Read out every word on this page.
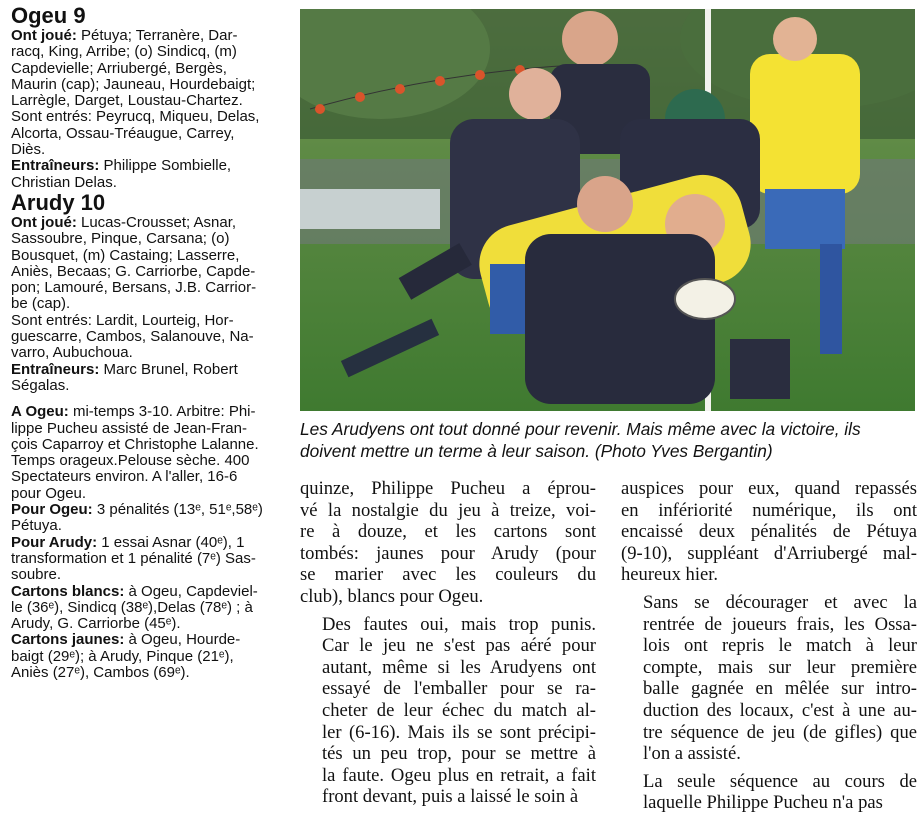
Ogeu 9

Ont joué: Pétuya; Terranère, Dar-

racq, King, Arribe; (o) Sindicq, (m)

Capdevielle; Arriubergé, Bergès,

Maurin (cap); Jauneau, Hourdebaigt;

Larrègle, Darget, Loustau-Chartez.

Sont entrés: Peyrucq, Miqueu, Delas,

Alcorta, Ossau-Tréaugue, Carrey,

Diès.

Entraîneurs: Philippe Sombielle,

Christian Delas.

Arudy 10

Ont joué: Lucas-Crousset; Asnar,

Sassoubre, Pinque, Carsana; (o)

Bousquet, (m) Castaing; Lasserre,

Aniès, Becaas; G. Carriorbe, Capde-

pon; Lamouré, Bersans, J.B. Carrior-

be (cap).

Sont entrés: Lardit, Lourteig, Hor-

guescarre, Cambos, Salanouve, Na-

varro, Aubuchoua.

Entraîneurs: Marc Brunel, Robert

Ségalas.

A Ogeu: mi-temps 3-10. Arbitre: Phi-

lippe Pucheu assisté de Jean-Fran-

çois Caparroy et Christophe Lalanne.

Temps orageux.Pelouse sèche. 400

Spectateurs environ. A l'aller, 16-6

pour Ogeu.

Pour Ogeu: 3 pénalités (13ᵉ, 51ᵉ,58ᵉ)

Pétuya.

Pour Arudy: 1 essai Asnar (40ᵉ), 1

transformation et 1 pénalité (7ᵉ) Sas-

soubre.

Cartons blancs: à Ogeu, Capdeviel-

le (36ᵉ), Sindicq (38ᵉ),Delas (78ᵉ) ; à

Arudy, G. Carriorbe (45ᵉ).

Cartons jaunes: à Ogeu, Hourde-

baigt (29ᵉ); à Arudy, Pinque (21ᵉ),

Aniès (27ᵉ), Cambos (69ᵉ).

Les Arudyens ont tout donné pour revenir. Mais même avec la victoire, ils
doivent mettre un terme à leur saison. (Photo Yves Bergantin)

quinze, Philippe Pucheu a éprou-
vé la nostalgie du jeu à treize, voi-
re à douze, et les cartons sont
tombés: jaunes pour Arudy (pour
se marier avec les couleurs du
club), blancs pour Ogeu.

Des fautes oui, mais trop punis.
Car le jeu ne s'est pas aéré pour
autant, même si les Arudyens ont
essayé de l'emballer pour se ra-
cheter de leur échec du match al-
ler (6-16). Mais ils se sont précipi-
tés un peu trop, pour se mettre à
la faute. Ogeu plus en retrait, a fait
front devant, puis a laissé le soin à

auspices pour eux, quand repassés
en infériorité numérique, ils ont
encaissé deux pénalités de Pétuya
(9-10), suppléant d'Arriubergé mal-
heureux hier.

Sans se décourager et avec la
rentrée de joueurs frais, les Ossa-
lois ont repris le match à leur
compte, mais sur leur première
balle gagnée en mêlée sur intro-
duction des locaux, c'est à une au-
tre séquence de jeu (de gifles) que
l'on a assisté.

La seule séquence au cours de
laquelle Philippe Pucheu n'a pas
